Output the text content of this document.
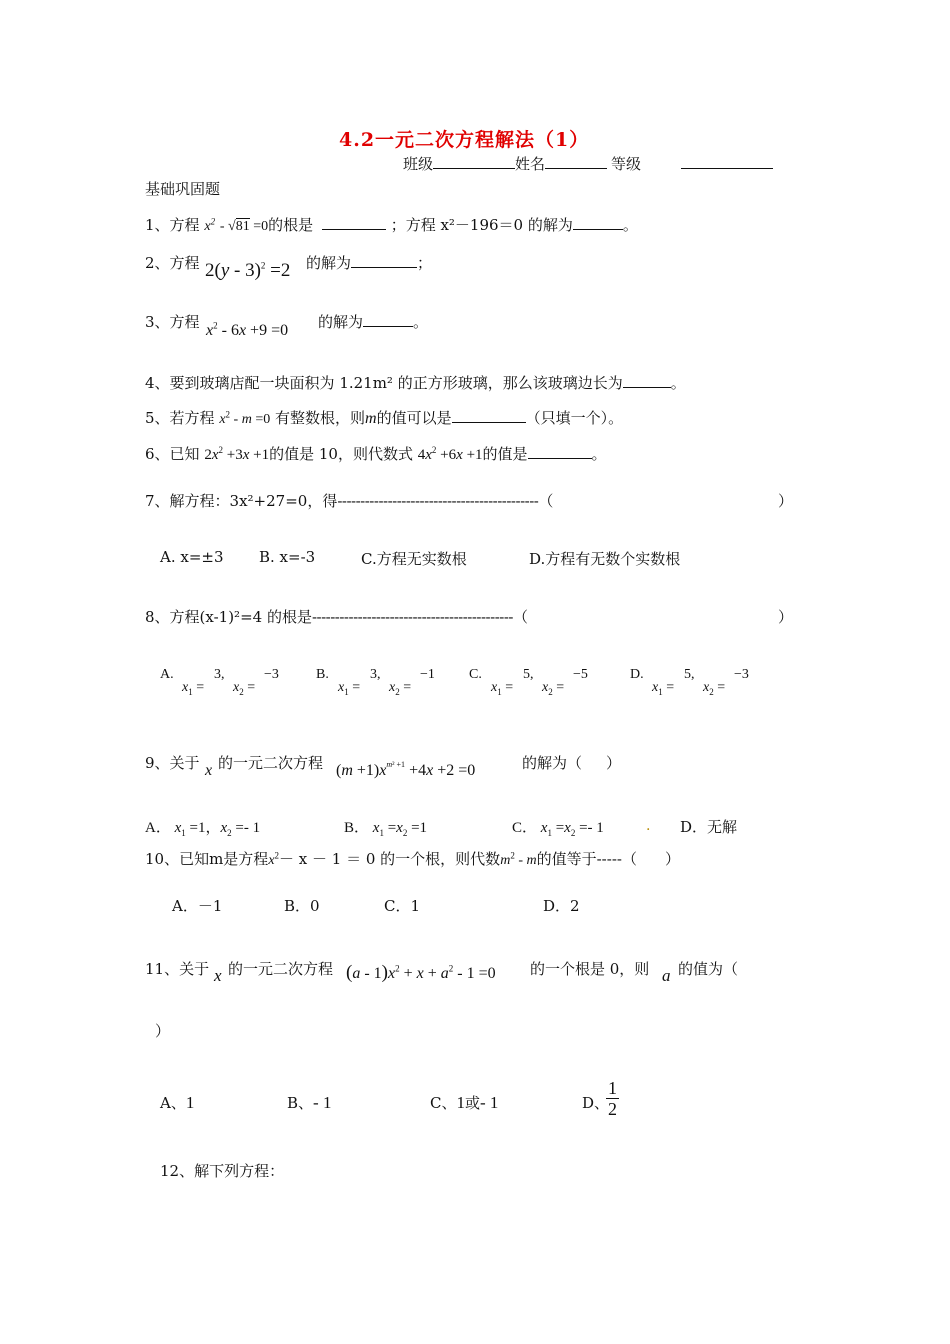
4.2一元二次方程解法（1）
班级	姓名	等级
基础巩固题
1、方程 $x^2 - √81 =0$的根是	；方程 x²－196＝0 的解为	。
2、方程 2(y - 3)$^2$ =2 的解为	；
3、方程 $x^2 - 6x +9 =0$ 的解为	。
4、要到玻璃店配一块面积为 1.21m² 的正方形玻璃，那么该玻璃边长为	。
5、若方程 $x^2 - m =0$ 有整数根，则m的值可以是	（只填一个）。
6、已知 $2x^2 +3x +1$的值是 10，则代数式 $4x^2 +6x +1$的值是	。
7、解方程：3x²+27=0，得--------------------------------------------（	）
A. x=±3 B. x=-3	C.方程无实数根	D.方程有无数个实数根
8、方程(x-1)²=4 的根是--------------------------------------------（	）
A.
$x_1$ =
3,
$x_2$ =
−3	B.
$x_1$ =
3,
$x_2$ =
−1 C.
$x_1$ =
5,
$x_2$ =
−5	D.
$x_1$ =
5,
$x_2$ =
−3
9、关于 x 的一元二次方程 $(m +1)x^{m^2 +1} +4x +2 =0$	的解为（ ）
A． $x_1 =1$，$x_2 =- 1$	B． $x_1 =x_2 =1$	C． $x_1 =x_2 =- 1$	. D．无解
10、已知m是方程$x^2- x - 1 = 0$ 的一个根，则代数$m^2$ - m的值等于-----（ ）
A．－1	B．0	C．1	D．2
11、关于 x 的一元二次方程 $(a - 1)x^2 + x + a^2 - 1 =0$ 的一个根是 0，则 a 的值为（
）
A、1	B、- 1	C、1或- 1	D、
$\frac{1}{2}$
12、解下列方程：
